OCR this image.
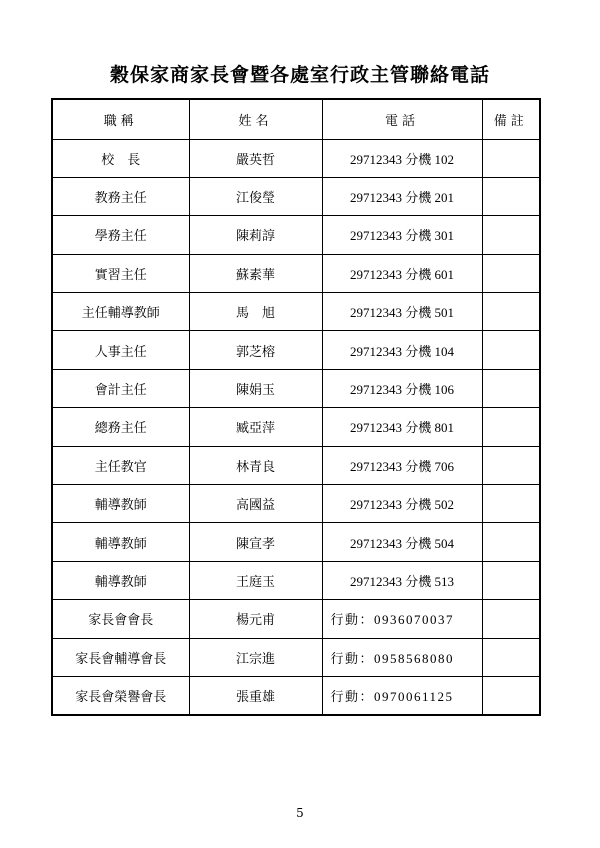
穀保家商家長會暨各處室行政主管聯絡電話
職稱	姓名	電話	備註
校　長	嚴英哲	29712343 分機 102	
教務主任	江俊瑩	29712343 分機 201	
學務主任	陳莉諄	29712343 分機 301	
實習主任	蘇素華	29712343 分機 601	
主任輔導教師	馬　旭	29712343 分機 501	
人事主任	郭芝榕	29712343 分機 104	
會計主任	陳娟玉	29712343 分機 106	
總務主任	臧亞萍	29712343 分機 801	
主任教官	林青良	29712343 分機 706	
輔導教師	高國益	29712343 分機 502	
輔導教師	陳宣孝	29712343 分機 504	
輔導教師	王庭玉	29712343 分機 513	
家長會會長	楊元甫	行動：0936070037	
家長會輔導會長	江宗進	行動：0958568080	
家長會榮譽會長	張重雄	行動：0970061125	
5
